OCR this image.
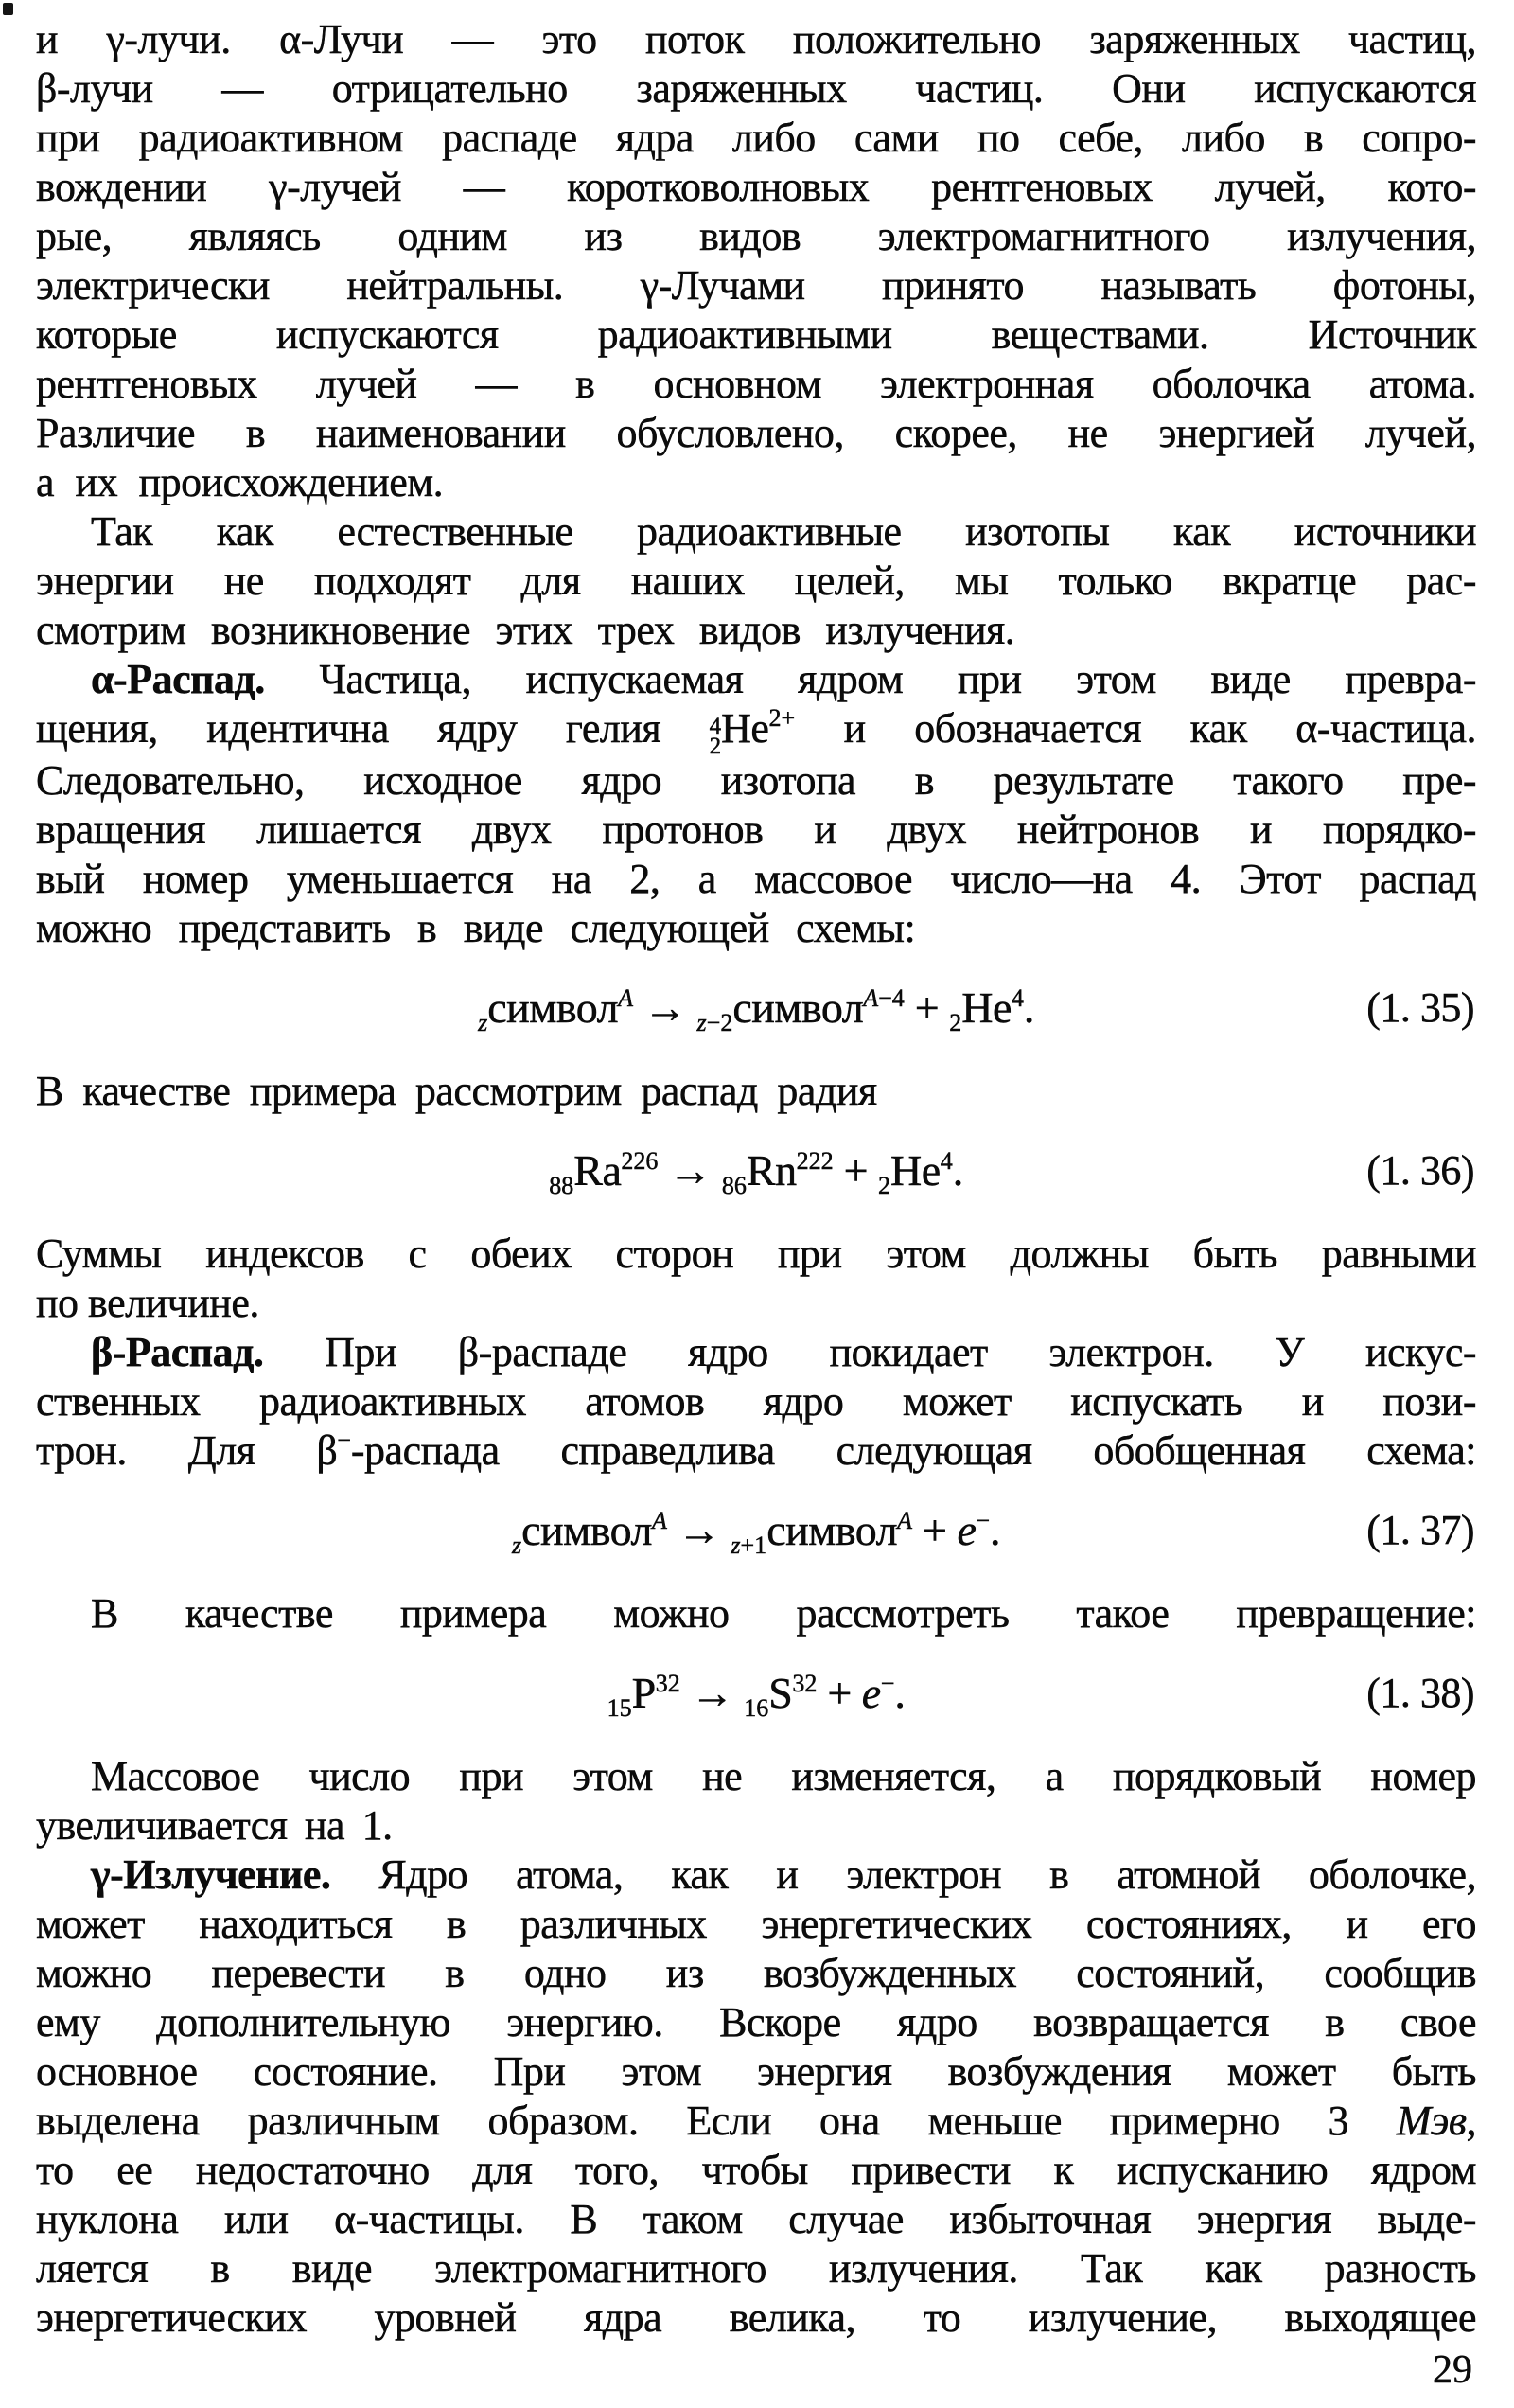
и γ-лучи. α-Лучи — это поток положительно заряженных частиц,
β-лучи — отрицательно заряженных частиц. Они испускаются
при радиоактивном распаде ядра либо сами по себе, либо в сопро-
вождении γ-лучей — коротковолновых рентгеновых лучей, кото-
рые, являясь одним из видов электромагнитного излучения,
электрически нейтральны. γ-Лучами принято называть фотоны,
которые испускаются радиоактивными веществами. Источник
рентгеновых лучей — в основном электронная оболочка атома.
Различие в наименовании обусловлено, скорее, не энергией лучей,
а их происхождением.
Так как естественные радиоактивные изотопы как источники
энергии не подходят для наших целей, мы только вкратце рас-
смотрим возникновение этих трех видов излучения.
α-Распад. Частица, испускаемая ядром при этом виде превра-
щения, идентична ядру гелия 4
2 $He^{2+}$ и обозначается как α-частица.
Следовательно, исходное ядро изотопа в результате такого пре-
вращения лишается двух протонов и двух нейтронов и порядко-
вый номер уменьшается на 2, а массовое число—на 4. Этот распад
можно представить в виде следующей схемы:
$_z$символ$^A$ → $_{z-2}$символ$^{A-4}$ + $_2He^4$.	(1. 35)
В качестве примера рассмотрим распад радия
$_{88}Ra^{226} \to _{86}Rn^{222} + _2He^4$.	(1. 36)
Суммы индексов с обеих сторон при этом должны быть равными
по величине.
β-Распад. При β-распаде ядро покидает электрон. У искус-
ственных радиоактивных атомов ядро может испускать и пози-
трон. Для β−-распада справедлива следующая обобщенная схема:
$_z$символ$^A$ → $_{z+1}$символ$^A$ + e−.	(1. 37)
В качестве примера можно рассмотреть такое превращение:
$_{15}P^{32} \to _{16}S^{32} + e^-$.	(1. 38)
Массовое число при этом не изменяется, а порядковый номер
увеличивается на 1.
γ-Излучение. Ядро атома, как и электрон в атомной оболочке,
может находиться в различных энергетических состояниях, и его
можно перевести в одно из возбужденных состояний, сообщив
ему дополнительную энергию. Вскоре ядро возвращается в свое
основное состояние. При этом энергия возбуждения может быть
выделена различным образом. Если она меньше примерно 3 Мэв,
то ее недостаточно для того, чтобы привести к испусканию ядром
нуклона или α-частицы. В таком случае избыточная энергия выде-
ляется в виде электромагнитного излучения. Так как разность
энергетических уровней ядра велика, то излучение, выходящее
29
